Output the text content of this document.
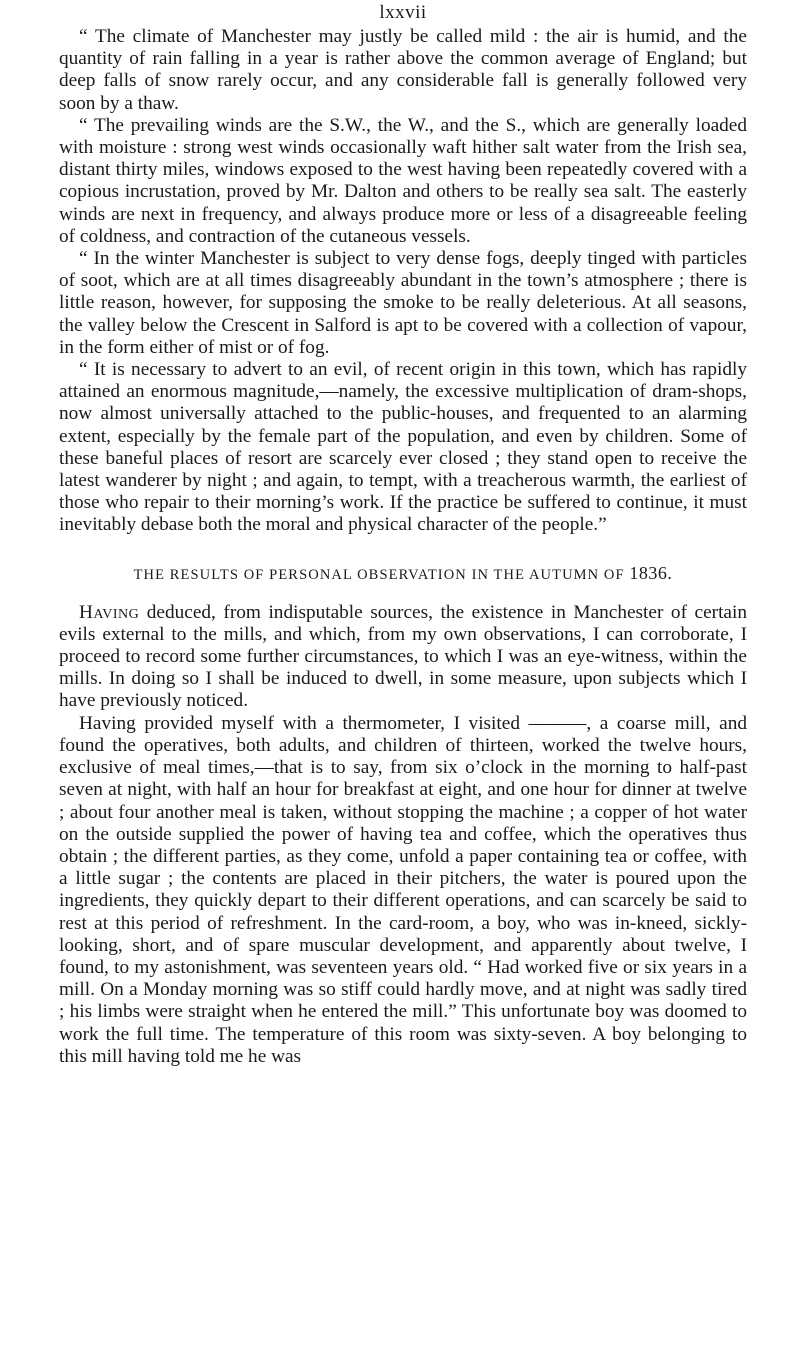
lxxvii

“ The climate of Manchester may justly be called mild : the air is humid, and the quantity of rain falling in a year is rather above the common average of England; but deep falls of snow rarely occur, and any considerable fall is generally followed very soon by a thaw.

“ The prevailing winds are the S.W., the W., and the S., which are generally loaded with moisture : strong west winds occasionally waft hither salt water from the Irish sea, distant thirty miles, windows exposed to the west having been repeatedly covered with a copious incrustation, proved by Mr. Dalton and others to be really sea salt. The easterly winds are next in frequency, and always produce more or less of a disagreeable feeling of coldness, and contraction of the cutaneous vessels.

“ In the winter Manchester is subject to very dense fogs, deeply tinged with particles of soot, which are at all times disagreeably abundant in the town’s atmosphere ; there is little reason, however, for supposing the smoke to be really deleterious. At all seasons, the valley below the Crescent in Salford is apt to be covered with a collection of vapour, in the form either of mist or of fog.

“ It is necessary to advert to an evil, of recent origin in this town, which has rapidly attained an enormous magnitude,—namely, the excessive multiplication of dram-shops, now almost universally attached to the public-houses, and frequented to an alarming extent, especially by the female part of the population, and even by children. Some of these baneful places of resort are scarcely ever closed ; they stand open to receive the latest wanderer by night ; and again, to tempt, with a treacherous warmth, the earliest of those who repair to their morning’s work. If the practice be suffered to continue, it must inevitably debase both the moral and physical character of the people.”

THE RESULTS OF PERSONAL OBSERVATION IN THE AUTUMN OF 1836.

Having deduced, from indisputable sources, the existence in Manchester of certain evils external to the mills, and which, from my own observations, I can corroborate, I proceed to record some further circumstances, to which I was an eye-witness, within the mills. In doing so I shall be induced to dwell, in some measure, upon subjects which I have previously noticed.

Having provided myself with a thermometer, I visited ———, a coarse mill, and found the operatives, both adults, and children of thirteen, worked the twelve hours, exclusive of meal times,—that is to say, from six o’clock in the morning to half-past seven at night, with half an hour for breakfast at eight, and one hour for dinner at twelve ; about four another meal is taken, without stopping the machine ; a copper of hot water on the outside supplied the power of having tea and coffee, which the operatives thus obtain ; the different parties, as they come, unfold a paper containing tea or coffee, with a little sugar ; the contents are placed in their pitchers, the water is poured upon the ingredients, they quickly depart to their different operations, and can scarcely be said to rest at this period of refreshment. In the card-room, a boy, who was in-kneed, sickly-looking, short, and of spare muscular development, and apparently about twelve, I found, to my astonishment, was seventeen years old. “ Had worked five or six years in a mill. On a Monday morning was so stiff could hardly move, and at night was sadly tired ; his limbs were straight when he entered the mill.” This unfortunate boy was doomed to work the full time. The temperature of this room was sixty-seven. A boy belonging to this mill having told me he was
